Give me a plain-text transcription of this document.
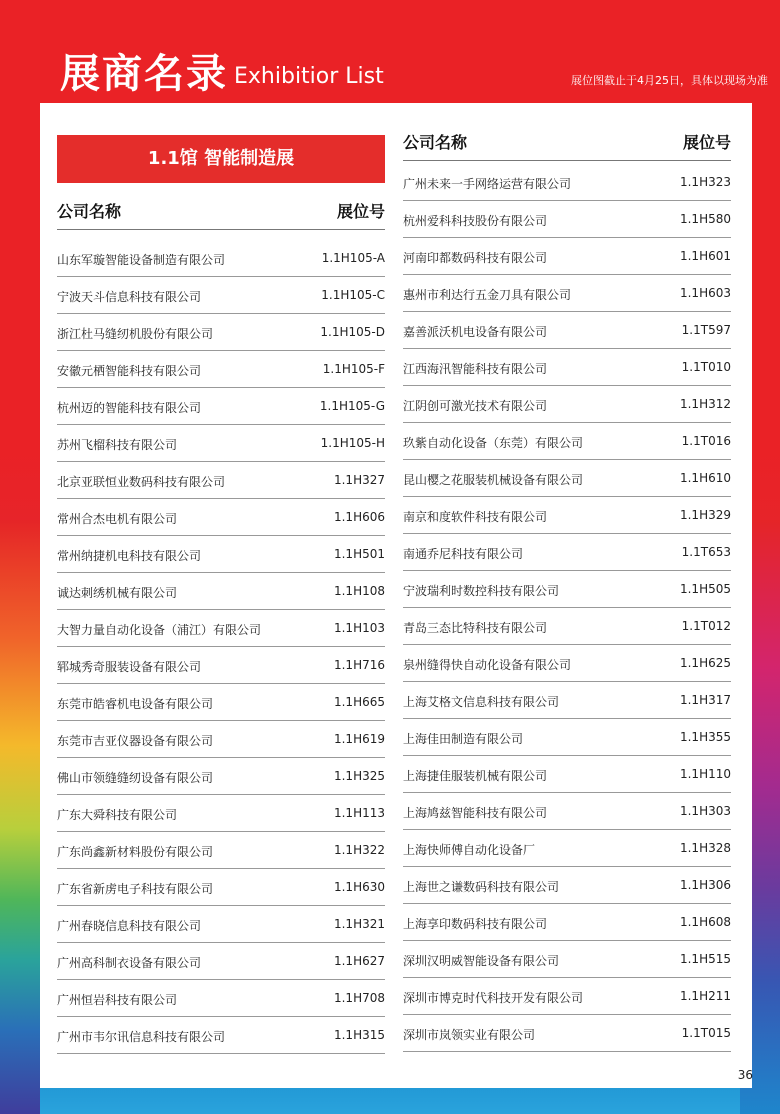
展商名录 Exhibitior List	展位图截止于4月25日，具体以现场为准
1.1馆 智能制造展
公司名称	展位号
山东军璇智能设备制造有限公司	1.1H105-A
宁波天斗信息科技有限公司	1.1H105-C
浙江杜马缝纫机股份有限公司	1.1H105-D
安徽元栖智能科技有限公司	1.1H105-F
杭州迈的智能科技有限公司	1.1H105-G
苏州飞榴科技有限公司	1.1H105-H
北京亚联恒业数码科技有限公司	1.1H327
常州合杰电机有限公司	1.1H606
常州纳捷机电科技有限公司	1.1H501
诚达刺绣机械有限公司	1.1H108
大智力量自动化设备（浦江）有限公司	1.1H103
郓城秀奇服装设备有限公司	1.1H716
东莞市皓睿机电设备有限公司	1.1H665
东莞市吉亚仪器设备有限公司	1.1H619
佛山市领缝缝纫设备有限公司	1.1H325
广东大舜科技有限公司	1.1H113
广东尚鑫新材料股份有限公司	1.1H322
广东省新虏电子科技有限公司	1.1H630
广州春晓信息科技有限公司	1.1H321
广州高科制衣设备有限公司	1.1H627
广州恒岩科技有限公司	1.1H708
广州市韦尔讯信息科技有限公司	1.1H315
公司名称	展位号
广州未来一手网络运营有限公司	1.1H323
杭州爱科科技股份有限公司	1.1H580
河南印都数码科技有限公司	1.1H601
惠州市利达行五金刀具有限公司	1.1H603
嘉善派沃机电设备有限公司	1.1T597
江西海汛智能科技有限公司	1.1T010
江阴创可激光技术有限公司	1.1H312
玖紫自动化设备（东莞）有限公司	1.1T016
昆山樱之花服装机械设备有限公司	1.1H610
南京和度软件科技有限公司	1.1H329
南通乔尼科技有限公司	1.1T653
宁波瑞利时数控科技有限公司	1.1H505
青岛三态比特科技有限公司	1.1T012
泉州缝得快自动化设备有限公司	1.1H625
上海艾格文信息科技有限公司	1.1H317
上海佳田制造有限公司	1.1H355
上海捷佳服装机械有限公司	1.1H110
上海鸠兹智能科技有限公司	1.1H303
上海快师傅自动化设备厂	1.1H328
上海世之谦数码科技有限公司	1.1H306
上海享印数码科技有限公司	1.1H608
深圳汉明威智能设备有限公司	1.1H515
深圳市博克时代科技开发有限公司	1.1H211
深圳市岚领实业有限公司	1.1T015
36
